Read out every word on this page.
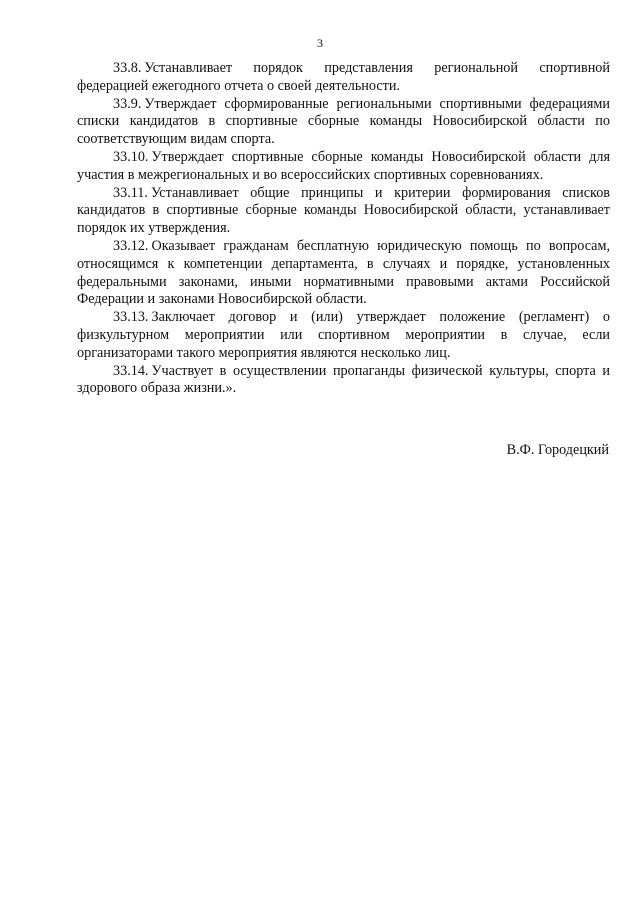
3

33.8. Устанавливает порядок представления региональной спортивной федерацией ежегодного отчета о своей деятельности.

33.9. Утверждает сформированные региональными спортивными федерациями списки кандидатов в спортивные сборные команды Новосибирской области по соответствующим видам спорта.

33.10. Утверждает спортивные сборные команды Новосибирской области для участия в межрегиональных и во всероссийских спортивных соревнованиях.

33.11. Устанавливает общие принципы и критерии формирования списков кандидатов в спортивные сборные команды Новосибирской области, устанавливает порядок их утверждения.

33.12. Оказывает гражданам бесплатную юридическую помощь по вопросам, относящимся к компетенции департамента, в случаях и порядке, установленных федеральными законами, иными нормативными правовыми актами Российской Федерации и законами Новосибирской области.

33.13. Заключает договор и (или) утверждает положение (регламент) о физкультурном мероприятии или спортивном мероприятии в случае, если организаторами такого мероприятия являются несколько лиц.

33.14. Участвует в осуществлении пропаганды физической культуры, спорта и здорового образа жизни.».

В.Ф. Городецкий
